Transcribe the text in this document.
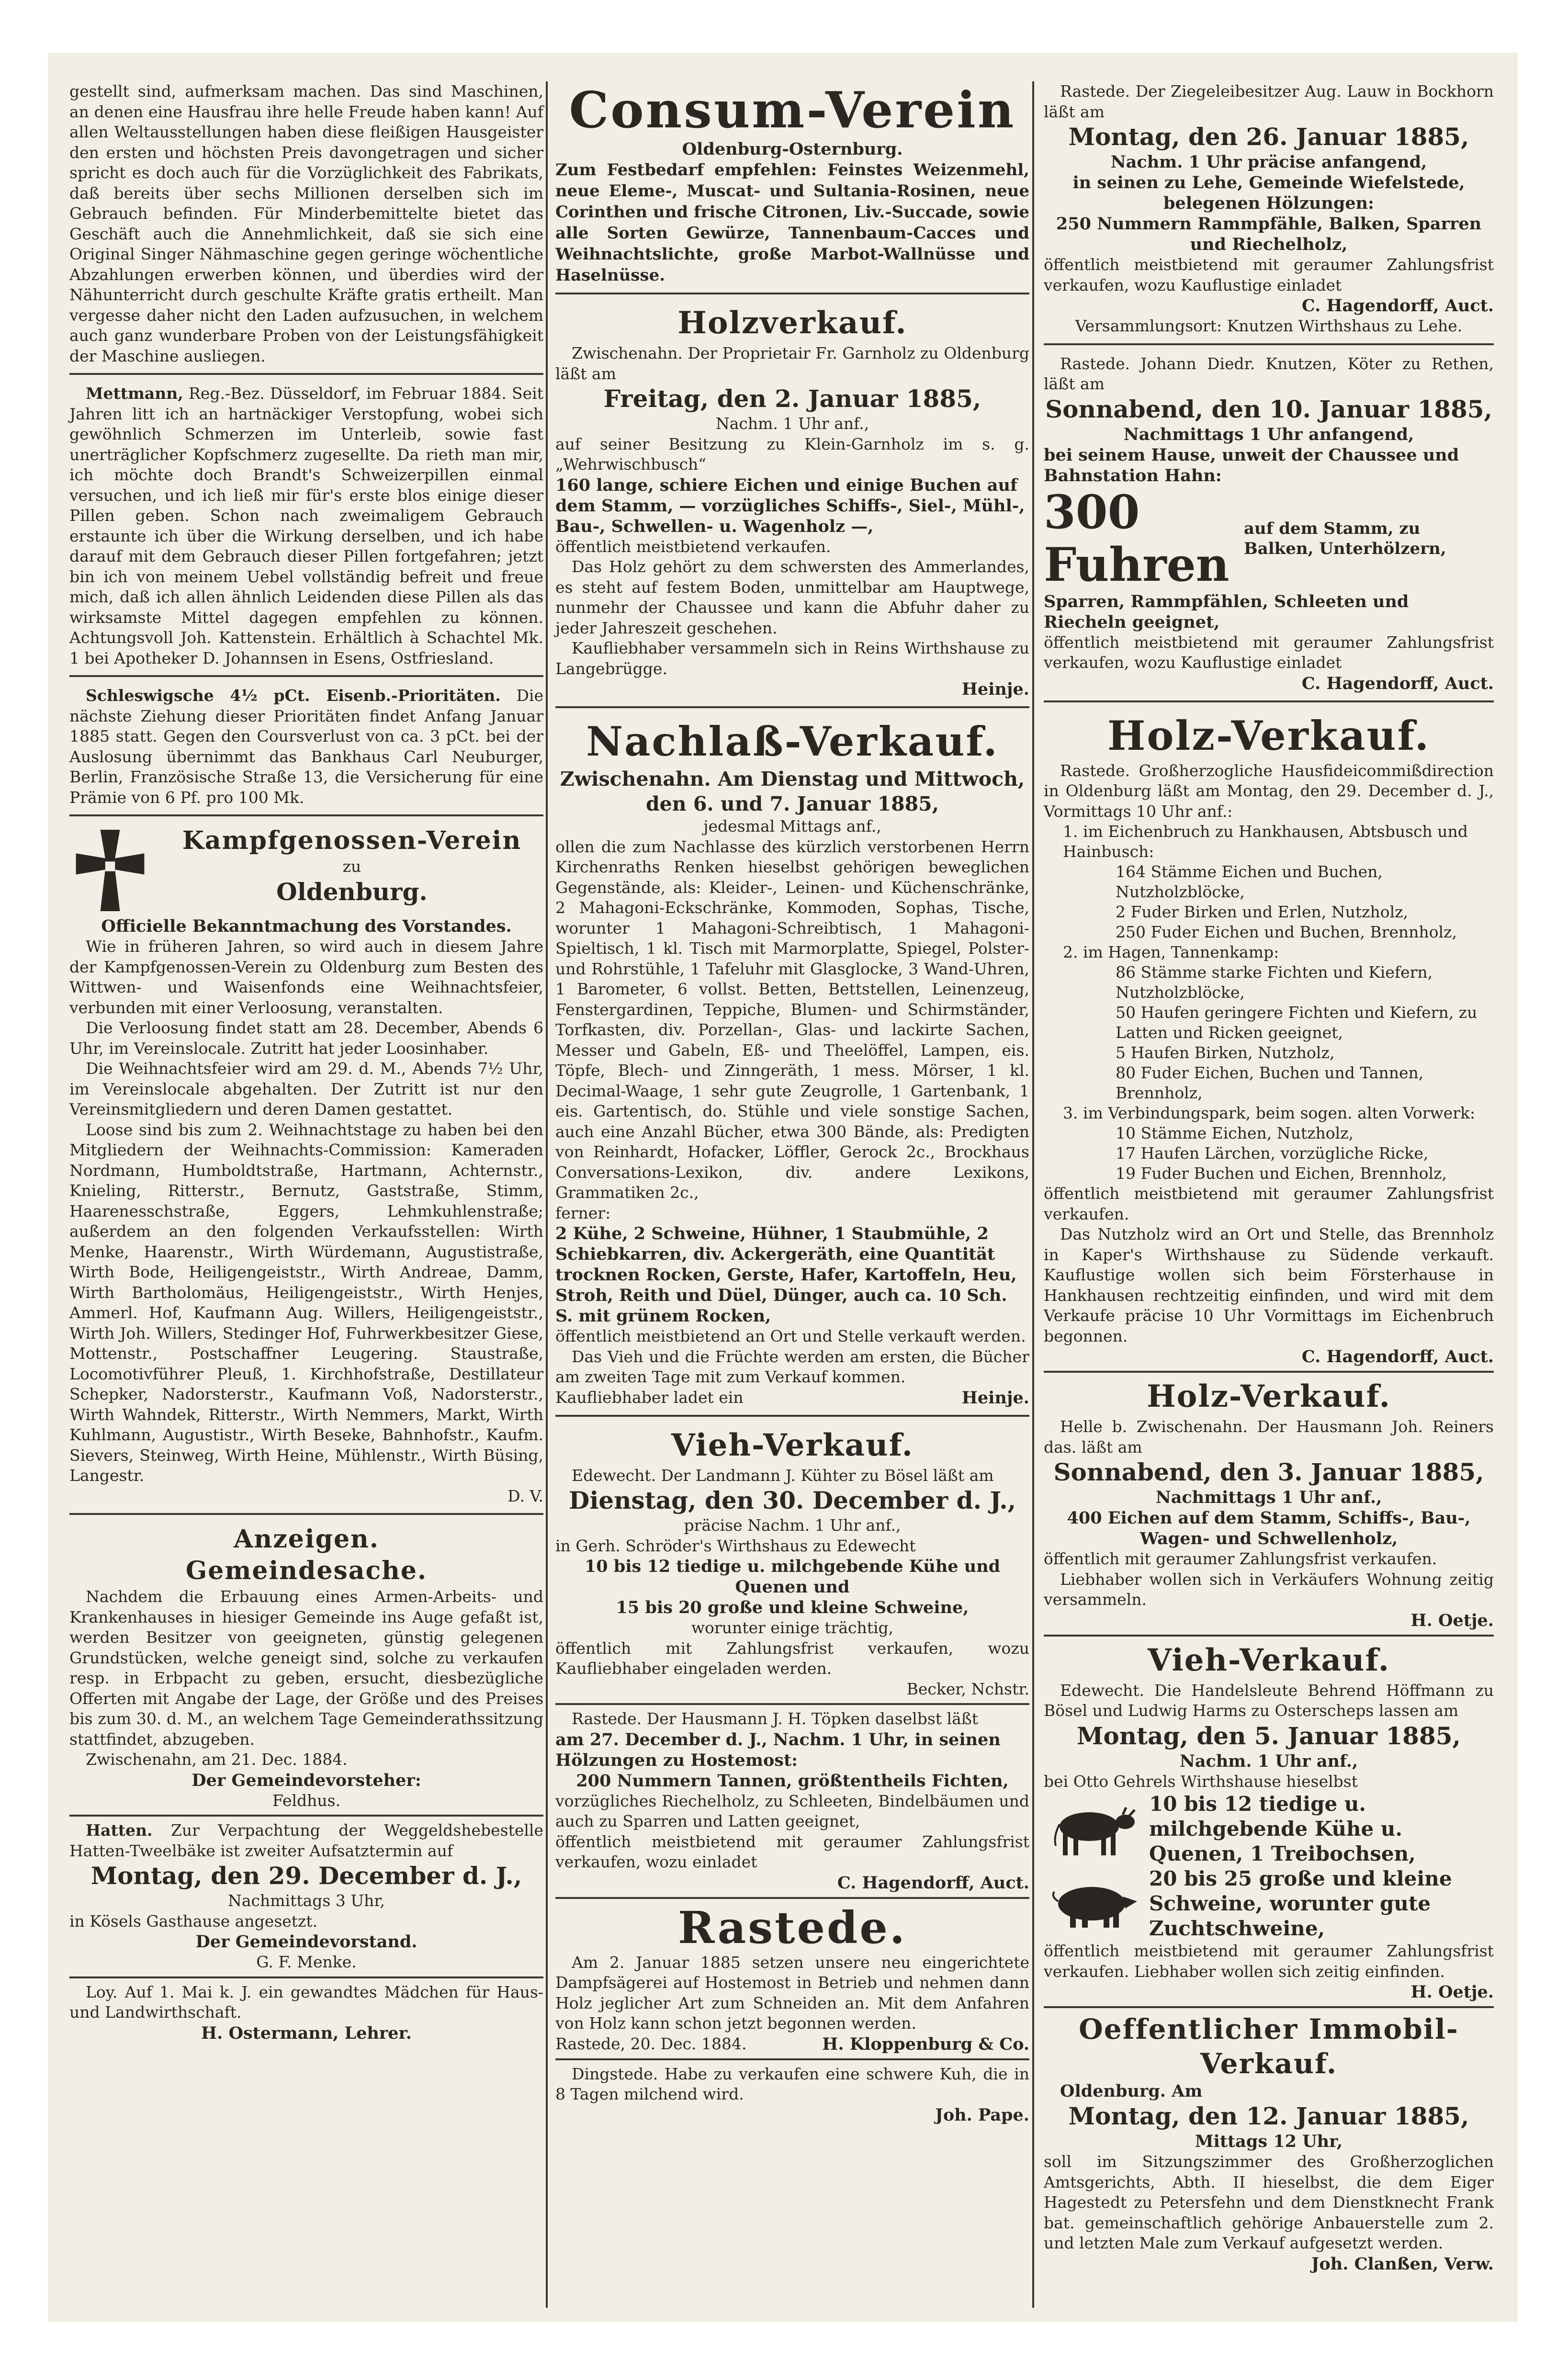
gestellt sind, aufmerksam machen. Das sind Maschinen, an denen eine Hausfrau ihre helle Freude haben kann! Auf allen Weltausstellungen haben diese fleißigen Hausgeister den ersten und höchsten Preis davongetragen und sicher spricht es doch auch für die Vorzüglichkeit des Fabrikats, daß bereits über sechs Millionen derselben sich im Gebrauch befinden. Für Minderbemittelte bietet das Geschäft auch die Annehmlichkeit, daß sie sich eine Original Singer Nähmaschine gegen geringe wöchentliche Abzahlungen erwerben können, und überdies wird der Nähunterricht durch geschulte Kräfte gratis ertheilt. Man vergesse daher nicht den Laden aufzusuchen, in welchem auch ganz wunderbare Proben von der Leistungsfähigkeit der Maschine ausliegen.

Mettmann, Reg.-Bez. Düsseldorf, im Februar 1884. Seit Jahren litt ich an hartnäckiger Verstopfung, wobei sich gewöhnlich Schmerzen im Unterleib, sowie fast unerträglicher Kopfschmerz zugesellte. Da rieth man mir, ich möchte doch Brandt's Schweizerpillen einmal versuchen, und ich ließ mir für's erste blos einige dieser Pillen geben. Schon nach zweimaligem Gebrauch erstaunte ich über die Wirkung derselben, und ich habe darauf mit dem Gebrauch dieser Pillen fortgefahren; jetzt bin ich von meinem Uebel vollständig befreit und freue mich, daß ich allen ähnlich Leidenden diese Pillen als das wirksamste Mittel dagegen empfehlen zu können. Achtungsvoll Joh. Kattenstein. Erhältlich à Schachtel Mk. 1 bei Apotheker D. Johannsen in Esens, Ostfriesland.

Schleswigsche 4½ pCt. Eisenb.-Prioritäten. Die nächste Ziehung dieser Prioritäten findet Anfang Januar 1885 statt. Gegen den Coursverlust von ca. 3 pCt. bei der Auslosung übernimmt das Bankhaus Carl Neuburger, Berlin, Französische Straße 13, die Versicherung für eine Prämie von 6 Pf. pro 100 Mk.

Kampfgenossen-Verein

zu

Oldenburg.

Officielle Bekanntmachung des Vorstandes.

Wie in früheren Jahren, so wird auch in diesem Jahre der Kampfgenossen-Verein zu Oldenburg zum Besten des Wittwen- und Waisenfonds eine Weihnachtsfeier, verbunden mit einer Verloosung, veranstalten.

Die Verloosung findet statt am 28. December, Abends 6 Uhr, im Vereinslocale. Zutritt hat jeder Loosinhaber.

Die Weihnachtsfeier wird am 29. d. M., Abends 7½ Uhr, im Vereinslocale abgehalten. Der Zutritt ist nur den Vereinsmitgliedern und deren Damen gestattet.

Loose sind bis zum 2. Weihnachtstage zu haben bei den Mitgliedern der Weihnachts-Commission: Kameraden Nordmann, Humboldtstraße, Hartmann, Achternstr., Knieling, Ritterstr., Bernutz, Gaststraße, Stimm, Haarenesschstraße, Eggers, Lehmkuhlenstraße; außerdem an den folgenden Verkaufsstellen: Wirth Menke, Haarenstr., Wirth Würdemann, Augustistraße, Wirth Bode, Heiligengeiststr., Wirth Andreae, Damm, Wirth Bartholomäus, Heiligengeiststr., Wirth Henjes, Ammerl. Hof, Kaufmann Aug. Willers, Heiligengeiststr., Wirth Joh. Willers, Stedinger Hof, Fuhrwerkbesitzer Giese, Mottenstr., Postschaffner Leugering. Staustraße, Locomotivführer Pleuß, 1. Kirchhofstraße, Destillateur Schepker, Nadorsterstr., Kaufmann Voß, Nadorsterstr., Wirth Wahndek, Ritterstr., Wirth Nemmers, Markt, Wirth Kuhlmann, Augustistr., Wirth Beseke, Bahnhofstr., Kaufm. Sievers, Steinweg, Wirth Heine, Mühlenstr., Wirth Büsing, Langestr.

D. V.

Anzeigen.

Gemeindesache.

Nachdem die Erbauung eines Armen-Arbeits- und Krankenhauses in hiesiger Gemeinde ins Auge gefaßt ist, werden Besitzer von geeigneten, günstig gelegenen Grundstücken, welche geneigt sind, solche zu verkaufen resp. in Erbpacht zu geben, ersucht, diesbezügliche Offerten mit Angabe der Lage, der Größe und des Preises bis zum 30. d. M., an welchem Tage Gemeinderathssitzung stattfindet, abzugeben.

Zwischenahn, am 21. Dec. 1884.

Der Gemeindevorsteher:

Feldhus.

Hatten. Zur Verpachtung der Weggeldshebestelle Hatten-Tweelbäke ist zweiter Aufsatztermin auf

Montag, den 29. December d. J.,

Nachmittags 3 Uhr,

in Kösels Gasthause angesetzt.

Der Gemeindevorstand.

G. F. Menke.

Loy. Auf 1. Mai k. J. ein gewandtes Mädchen für Haus- und Landwirthschaft.

H. Ostermann, Lehrer.

Consum-Verein

Oldenburg-Osternburg.

Zum Festbedarf empfehlen: Feinstes Weizenmehl, neue Eleme-, Muscat- und Sultania-Rosinen, neue Corinthen und frische Citronen, Liv.-Succade, sowie alle Sorten Gewürze, Tannenbaum-Cacces und Weihnachtslichte, große Marbot-Wallnüsse und Haselnüsse.

Holzverkauf.

Zwischenahn. Der Proprietair Fr. Garnholz zu Oldenburg läßt am

Freitag, den 2. Januar 1885,

Nachm. 1 Uhr anf.,

auf seiner Besitzung zu Klein-Garnholz im s. g. „Wehrwischbusch“

160 lange, schiere Eichen und einige Buchen auf dem Stamm, — vorzügliches Schiffs-, Siel-, Mühl-, Bau-, Schwellen- u. Wagenholz —,

öffentlich meistbietend verkaufen.

Das Holz gehört zu dem schwersten des Ammerlandes, es steht auf festem Boden, unmittelbar am Hauptwege, nunmehr der Chaussee und kann die Abfuhr daher zu jeder Jahreszeit geschehen.

Kaufliebhaber versammeln sich in Reins Wirthshause zu Langebrügge.

Heinje.

Nachlaß-Verkauf.

Zwischenahn. Am Dienstag und Mittwoch, den 6. und 7. Januar 1885,

jedesmal Mittags anf.,

ollen die zum Nachlasse des kürzlich verstorbenen Herrn Kirchenraths Renken hieselbst gehörigen beweglichen Gegenstände, als: Kleider-, Leinen- und Küchenschränke, 2 Mahagoni-Eckschränke, Kommoden, Sophas, Tische, worunter 1 Mahagoni-Schreibtisch, 1 Mahagoni-Spieltisch, 1 kl. Tisch mit Marmorplatte, Spiegel, Polster- und Rohrstühle, 1 Tafeluhr mit Glasglocke, 3 Wand-Uhren, 1 Barometer, 6 vollst. Betten, Bettstellen, Leinenzeug, Fenstergardinen, Teppiche, Blumen- und Schirmständer, Torfkasten, div. Porzellan-, Glas- und lackirte Sachen, Messer und Gabeln, Eß- und Theelöffel, Lampen, eis. Töpfe, Blech- und Zinngeräth, 1 mess. Mörser, 1 kl. Decimal-Waage, 1 sehr gute Zeugrolle, 1 Gartenbank, 1 eis. Gartentisch, do. Stühle und viele sonstige Sachen, auch eine Anzahl Bücher, etwa 300 Bände, als: Predigten von Reinhardt, Hofacker, Löffler, Gerock 2c., Brockhaus Conversations-Lexikon, div. andere Lexikons, Grammatiken 2c.,

ferner:

2 Kühe, 2 Schweine, Hühner, 1 Staubmühle, 2 Schiebkarren, div. Ackergeräth, eine Quantität trocknen Rocken, Gerste, Hafer, Kartoffeln, Heu, Stroh, Reith und Düel, Dünger, auch ca. 10 Sch. S. mit grünem Rocken,

öffentlich meistbietend an Ort und Stelle verkauft werden.

Das Vieh und die Früchte werden am ersten, die Bücher am zweiten Tage mit zum Verkauf kommen.

Kaufliebhaber ladet ein	Heinje.

Vieh-Verkauf.

Edewecht. Der Landmann J. Kühter zu Bösel läßt am

Dienstag, den 30. December d. J.,

präcise Nachm. 1 Uhr anf.,

in Gerh. Schröder's Wirthshaus zu Edewecht

10 bis 12 tiedige u. milchgebende Kühe und Quenen und

15 bis 20 große und kleine Schweine,

worunter einige trächtig,

öffentlich mit Zahlungsfrist verkaufen, wozu Kaufliebhaber eingeladen werden.

Becker, Nchstr.

Rastede. Der Hausmann J. H. Töpken daselbst läßt

am 27. December d. J., Nachm. 1 Uhr, in seinen Hölzungen zu Hostemost:

200 Nummern Tannen, größtentheils Fichten,

vorzügliches Riechelholz, zu Schleeten, Bindelbäumen und auch zu Sparren und Latten geeignet,

öffentlich meistbietend mit geraumer Zahlungsfrist verkaufen, wozu einladet

C. Hagendorff, Auct.

Rastede.

Am 2. Januar 1885 setzen unsere neu eingerichtete Dampfsägerei auf Hostemost in Betrieb und nehmen dann Holz jeglicher Art zum Schneiden an. Mit dem Anfahren von Holz kann schon jetzt begonnen werden.

Rastede, 20. Dec. 1884.	H. Kloppenburg & Co.

Dingstede. Habe zu verkaufen eine schwere Kuh, die in 8 Tagen milchend wird.

Joh. Pape.

Rastede. Der Ziegeleibesitzer Aug. Lauw in Bockhorn läßt am

Montag, den 26. Januar 1885,

Nachm. 1 Uhr präcise anfangend,

in seinen zu Lehe, Gemeinde Wiefelstede, belegenen Hölzungen:

250 Nummern Rammpfähle, Balken, Sparren und Riechelholz,

öffentlich meistbietend mit geraumer Zahlungsfrist verkaufen, wozu Kauflustige einladet

C. Hagendorff, Auct.

Versammlungsort: Knutzen Wirthshaus zu Lehe.

Rastede. Johann Diedr. Knutzen, Köter zu Rethen, läßt am

Sonnabend, den 10. Januar 1885,

Nachmittags 1 Uhr anfangend,

bei seinem Hause, unweit der Chaussee und Bahnstation Hahn:

300 Fuhren
auf dem Stamm, zu Balken, Unterhölzern,

Sparren, Rammpfählen, Schleeten und Riecheln geeignet,

öffentlich meistbietend mit geraumer Zahlungsfrist verkaufen, wozu Kauflustige einladet

C. Hagendorff, Auct.

Holz-Verkauf.

Rastede. Großherzogliche Hausfideicommißdirection in Oldenburg läßt am Montag, den 29. December d. J., Vormittags 10 Uhr anf.:

1. im Eichenbruch zu Hankhausen, Abtsbusch und Hainbusch:

164 Stämme Eichen und Buchen, Nutzholzblöcke,

2 Fuder Birken und Erlen, Nutzholz,

250 Fuder Eichen und Buchen, Brennholz,

2. im Hagen, Tannenkamp:

86 Stämme starke Fichten und Kiefern, Nutzholzblöcke,

50 Haufen geringere Fichten und Kiefern, zu Latten und Ricken geeignet,

5 Haufen Birken, Nutzholz,

80 Fuder Eichen, Buchen und Tannen, Brennholz,

3. im Verbindungspark, beim sogen. alten Vorwerk:

10 Stämme Eichen, Nutzholz,

17 Haufen Lärchen, vorzügliche Ricke,

19 Fuder Buchen und Eichen, Brennholz,

öffentlich meistbietend mit geraumer Zahlungsfrist verkaufen.

Das Nutzholz wird an Ort und Stelle, das Brennholz in Kaper's Wirthshause zu Südende verkauft. Kauflustige wollen sich beim Försterhause in Hankhausen rechtzeitig einfinden, und wird mit dem Verkaufe präcise 10 Uhr Vormittags im Eichenbruch begonnen.

C. Hagendorff, Auct.

Holz-Verkauf.

Helle b. Zwischenahn. Der Hausmann Joh. Reiners das. läßt am

Sonnabend, den 3. Januar 1885,

Nachmittags 1 Uhr anf.,

400 Eichen auf dem Stamm, Schiffs-, Bau-, Wagen- und Schwellenholz,

öffentlich mit geraumer Zahlungsfrist verkaufen.

Liebhaber wollen sich in Verkäufers Wohnung zeitig versammeln.

H. Oetje.

Vieh-Verkauf.

Edewecht. Die Handelsleute Behrend Höffmann zu Bösel und Ludwig Harms zu Osterscheps lassen am

Montag, den 5. Januar 1885,

Nachm. 1 Uhr anf.,

bei Otto Gehrels Wirthshause hieselbst

10 bis 12 tiedige u. milchgebende Kühe u. Quenen, 1 Treibochsen,

20 bis 25 große und kleine Schweine, worunter gute Zuchtschweine,

öffentlich meistbietend mit geraumer Zahlungsfrist verkaufen. Liebhaber wollen sich zeitig einfinden.

H. Oetje.

Oeffentlicher Immobil-Verkauf.

Oldenburg. Am

Montag, den 12. Januar 1885,

Mittags 12 Uhr,

soll im Sitzungszimmer des Großherzoglichen Amtsgerichts, Abth. II hieselbst, die dem Eiger Hagestedt zu Petersfehn und dem Dienstknecht Frank bat. gemeinschaftlich gehörige Anbauerstelle zum 2. und letzten Male zum Verkauf aufgesetzt werden.

Joh. Clanßen, Verw.
